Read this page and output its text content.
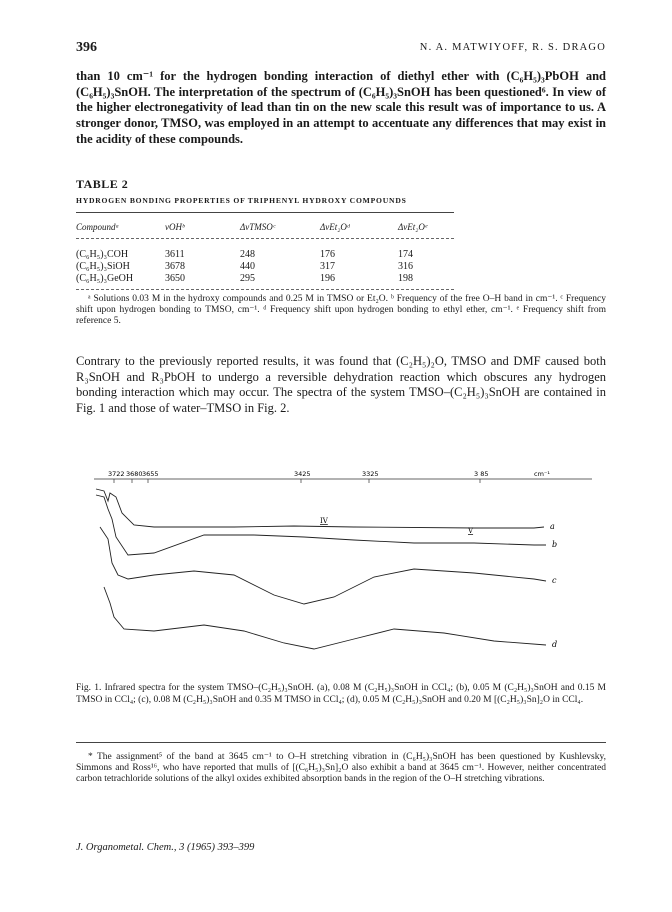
396	N. A. MATWIYOFF, R. S. DRAGO

than 10 cm⁻¹ for the hydrogen bonding interaction of diethyl ether with (C₆H₅)₃PbOH and (C₆H₅)₃SnOH. The interpretation of the spectrum of (C₆H₅)₃SnOH has been questioned⁶. In view of the higher electronegativity of lead than tin on the new scale this result was of importance to us. A stronger donor, TMSO, was employed in an attempt to accentuate any differences that may exist in the acidity of these compounds.

TABLE 2

HYDROGEN BONDING PROPERTIES OF TRIPHENYL HYDROXY COMPOUNDS

Compoundᵃ	νOHᵇ	ΔνTMSOᶜ	ΔνEt₂Oᵈ	ΔνEt₂Oᵉ
(C₆H₅)₃COH	3611	248	176	174
(C₆H₅)₃SiOH	3678	440	317	316
(C₆H₅)₃GeOH	3650	295	196	198

ᵃ Solutions 0.03 M in the hydroxy compounds and 0.25 M in TMSO or Et₂O. ᵇ Frequency of the free O–H band in cm⁻¹. ᶜ Frequency shift upon hydrogen bonding to TMSO, cm⁻¹. ᵈ Frequency shift upon hydrogen bonding to ethyl ether, cm⁻¹. ᵉ Frequency shift from reference 5.

Contrary to the previously reported results, it was found that (C₂H₅)₂O, TMSO and DMF caused both R₃SnOH and R₃PbOH to undergo a reversible dehydration reaction which obscures any hydrogen bonding interaction which may occur. The spectra of the system TMSO–(C₂H₅)₃SnOH are contained in Fig. 1 and those of water–TMSO in Fig. 2.

3722 3680 3655	3425	3325	3 85	cm⁻¹
a
b
c
d
IV
V

Fig. 1. Infrared spectra for the system TMSO–(C₂H₅)₃SnOH. (a), 0.08 M (C₂H₅)₃SnOH in CCl₄; (b), 0.05 M (C₂H₅)₃SnOH and 0.15 M TMSO in CCl₄; (c), 0.08 M (C₂H₅)₃SnOH and 0.35 M TMSO in CCl₄; (d), 0.05 M (C₂H₅)₃SnOH and 0.20 M [(C₂H₅)₃Sn]₂O in CCl₄.

* The assignment⁵ of the band at 3645 cm⁻¹ to O–H stretching vibration in (C₆H₅)₃SnOH has been questioned by Kushlevsky, Simmons and Ross¹⁶, who have reported that mulls of [(C₆H₅)₃Sn]₂O also exhibit a band at 3645 cm⁻¹. However, neither concentrated carbon tetrachloride solutions of the alkyl oxides exhibited absorption bands in the region of the O–H stretching vibrations.

J. Organometal. Chem., 3 (1965) 393–399
